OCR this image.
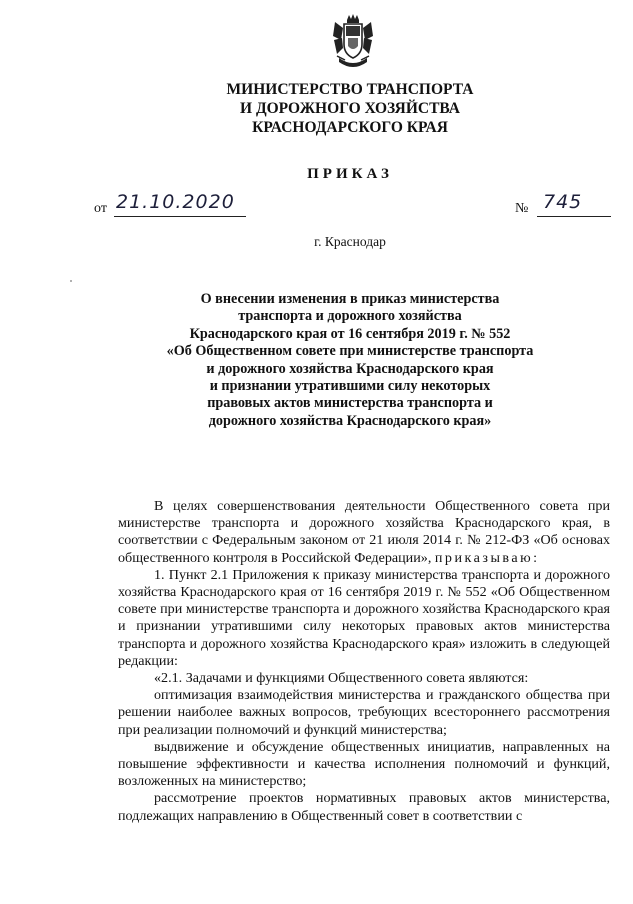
МИНИСТЕРСТВО ТРАНСПОРТА
И ДОРОЖНОГО ХОЗЯЙСТВА
КРАСНОДАРСКОГО КРАЯ
ПРИКАЗ
от 21.10.2020	№ 745
г. Краснодар
О внесении изменения в приказ министерства
транспорта и дорожного хозяйства
Краснодарского края от 16 сентября 2019 г. № 552
«Об Общественном совете при министерстве транспорта
и дорожного хозяйства Краснодарского края
и признании утратившими силу некоторых
правовых актов министерства транспорта и
дорожного хозяйства Краснодарского края»

В целях совершенствования деятельности Общественного совета при министерстве транспорта и дорожного хозяйства Краснодарского края, в соответствии с Федеральным законом от 21 июля 2014 г. № 212-ФЗ «Об основах общественного контроля в Российской Федерации», приказываю:

1. Пункт 2.1 Приложения к приказу министерства транспорта и дорожного хозяйства Краснодарского края от 16 сентября 2019 г. № 552 «Об Общественном совете при министерстве транспорта и дорожного хозяйства Краснодарского края и признании утратившими силу некоторых правовых актов министерства транспорта и дорожного хозяйства Краснодарского края» изложить в следующей редакции:

«2.1. Задачами и функциями Общественного совета являются:

оптимизация взаимодействия министерства и гражданского общества при решении наиболее важных вопросов, требующих всестороннего рассмотрения при реализации полномочий и функций министерства;

выдвижение и обсуждение общественных инициатив, направленных на повышение эффективности и качества исполнения полномочий и функций, возложенных на министерство;

рассмотрение проектов нормативных правовых актов министерства, подлежащих направлению в Общественный совет в соответствии с
